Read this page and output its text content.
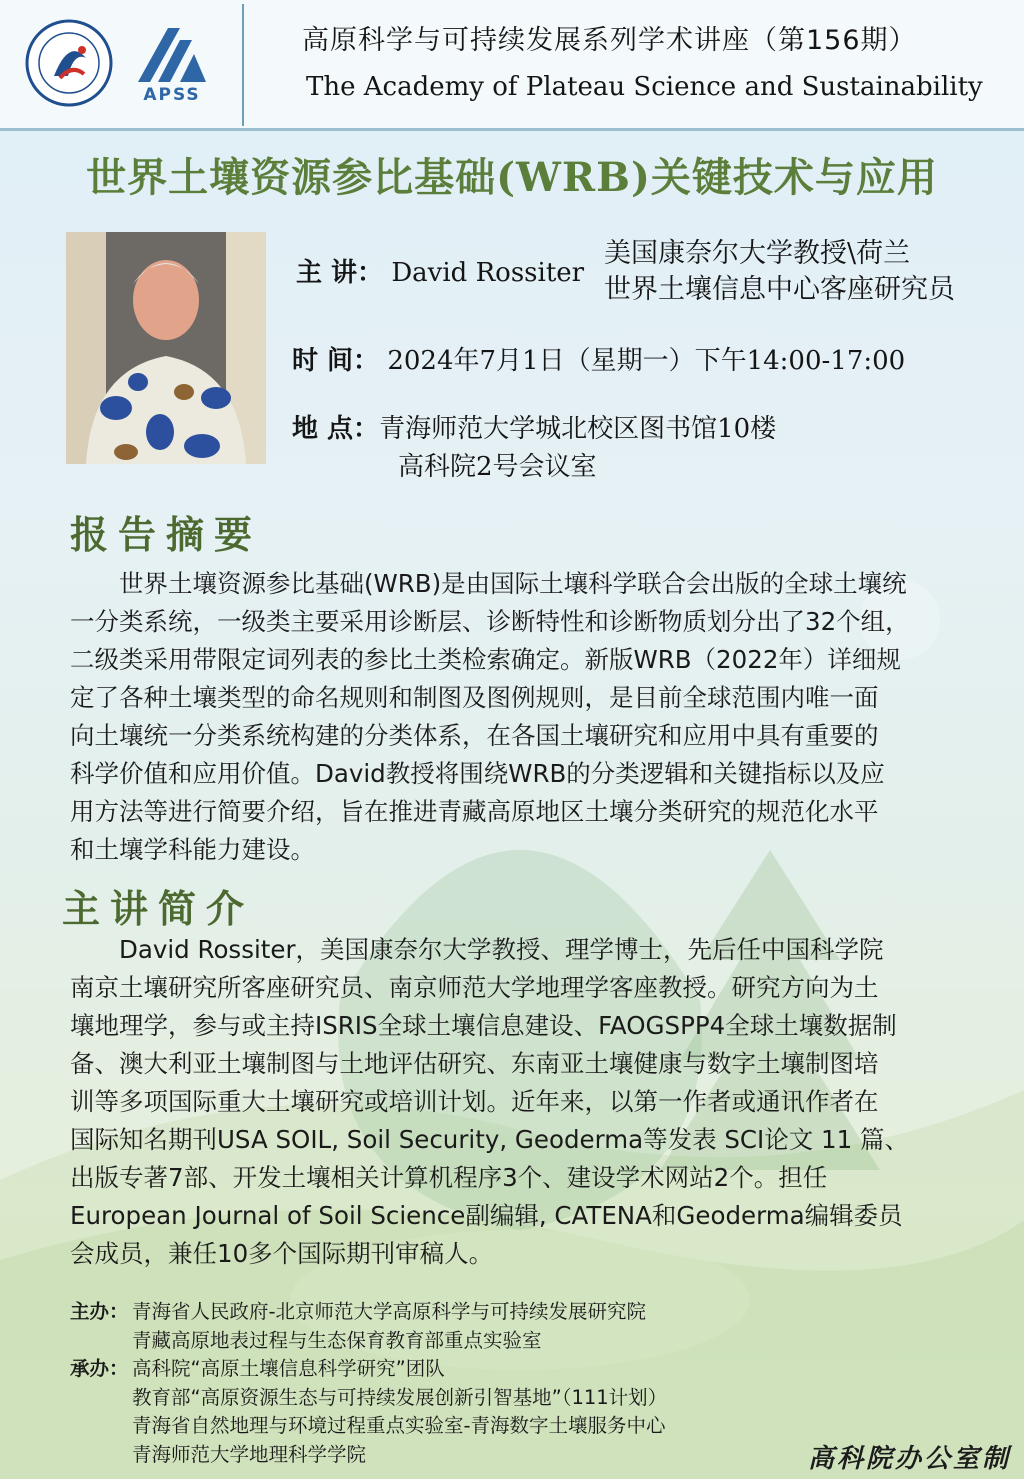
APSS
高原科学与可持续发展系列学术讲座（第156期）
The Academy of Plateau Science and Sustainability
世界土壤资源参比基础(WRB)关键技术与应用
主 讲： David Rossiter
美国康奈尔大学教授\荷兰
世界土壤信息中心客座研究员
时 间： 2024年7月1日（星期一）下午14:00-17:00
地 点：青海师范大学城北校区图书馆10楼
高科院2号会议室
报告摘要
　　世界土壤资源参比基础(WRB)是由国际土壤科学联合会出版的全球土壤统
一分类系统，一级类主要采用诊断层、诊断特性和诊断物质划分出了32个组，
二级类采用带限定词列表的参比土类检索确定。新版WRB（2022年）详细规
定了各种土壤类型的命名规则和制图及图例规则，是目前全球范围内唯一面
向土壤统一分类系统构建的分类体系，在各国土壤研究和应用中具有重要的
科学价值和应用价值。David教授将围绕WRB的分类逻辑和关键指标以及应
用方法等进行简要介绍，旨在推进青藏高原地区土壤分类研究的规范化水平
和土壤学科能力建设。
主讲简介
　　David Rossiter，美国康奈尔大学教授、理学博士，先后任中国科学院
南京土壤研究所客座研究员、南京师范大学地理学客座教授。研究方向为土
壤地理学，参与或主持ISRIS全球土壤信息建设、FAOGSPP4全球土壤数据制
备、澳大利亚土壤制图与土地评估研究、东南亚土壤健康与数字土壤制图培
训等多项国际重大土壤研究或培训计划。近年来，以第一作者或通讯作者在
国际知名期刊USA SOIL, Soil Security, Geoderma等发表 SCI论文 11 篇、
出版专著7部、开发土壤相关计算机程序3个、建设学术网站2个。担任
European Journal of Soil Science副编辑, CATENA和Geoderma编辑委员
会成员，兼任10多个国际期刊审稿人。
主办： 青海省人民政府-北京师范大学高原科学与可持续发展研究院
青藏高原地表过程与生态保育教育部重点实验室
承办： 高科院“高原土壤信息科学研究”团队
教育部“高原资源生态与可持续发展创新引智基地”（111计划）
青海省自然地理与环境过程重点实验室-青海数字土壤服务中心
青海师范大学地理科学学院	高科院办公室制
